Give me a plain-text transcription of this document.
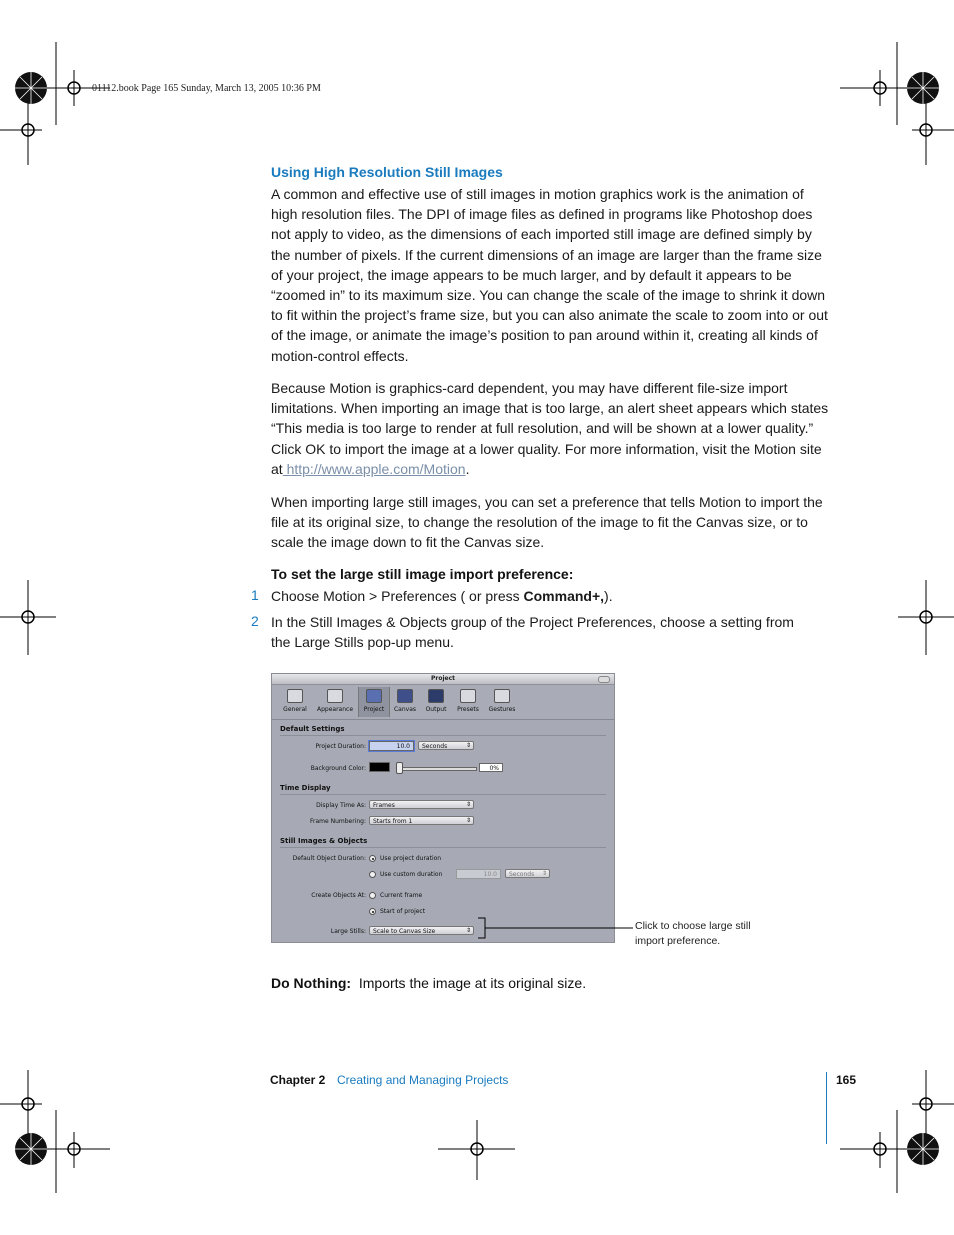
01112.book Page 165 Sunday, March 13, 2005 10:36 PM
Using High Resolution Still Images

A common and effective use of still images in motion graphics work is the animation of high resolution files. The DPI of image files as defined in programs like Photoshop does not apply to video, as the dimensions of each imported still image are defined simply by the number of pixels. If the current dimensions of an image are larger than the frame size of your project, the image appears to be much larger, and by default it appears to be “zoomed in” to its maximum size. You can change the scale of the image to shrink it down to fit within the project’s frame size, but you can also animate the scale to zoom into or out of the image, or animate the image’s position to pan around within it, creating all kinds of motion-control effects.

Because Motion is graphics-card dependent, you may have different file-size import limitations. When importing an image that is too large, an alert sheet appears which states “This media is too large to render at full resolution, and will be shown at a lower quality.” Click OK to import the image at a lower quality. For more information, visit the Motion site at http://www.apple.com/Motion.

When importing large still images, you can set a preference that tells Motion to import the file at its original size, to change the resolution of the image to fit the Canvas size, or to scale the image down to fit the Canvas size.

To set the large still image import preference:
1 Choose Motion > Preferences ( or press Command+,).
2 In the Still Images & Objects group of the Project Preferences, choose a setting from the Large Stills pop-up menu.
Project
General	Appearance	Project	Canvas	Output	Presets	Gestures
Default Settings
Project Duration:	10.0	Seconds ⇕
Background Color:	0%
Time Display
Display Time As:	Frames ⇕
Frame Numbering:	Starts from 1 ⇕
Still Images & Objects
Default Object Duration: Use project duration
Use custom duration	10.0	Seconds ⇕
Create Objects At: Current frame
Start of project
Large Stills:	Scale to Canvas Size ⇕	Click to choose large still import preference.
Do Nothing:  Imports the image at its original size.
Chapter 2 Creating and Managing Projects	165
